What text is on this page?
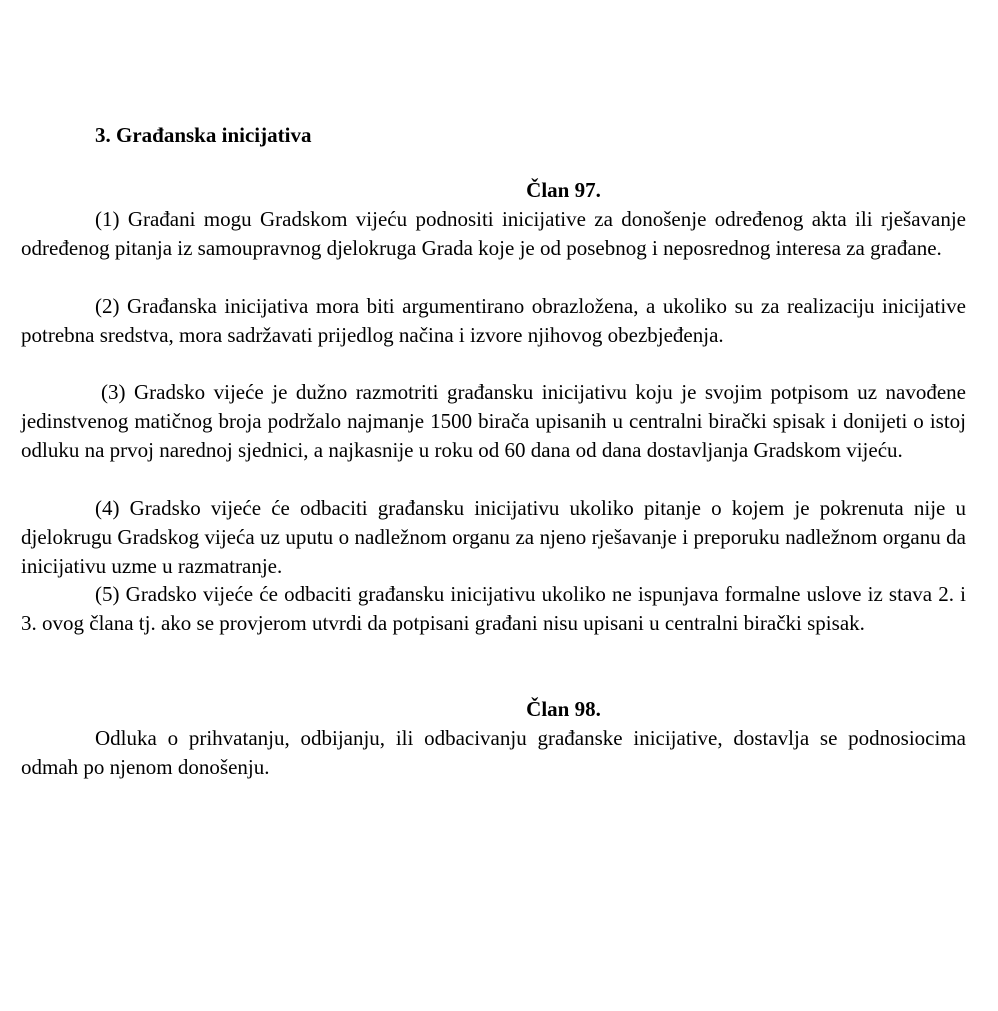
3. Građanska inicijativa
Član 97.

(1) Građani mogu Gradskom vijeću podnositi inicijative za donošenje određenog akta ili rješavanje određenog pitanja iz samoupravnog djelokruga Grada koje je od posebnog i neposrednog interesa za građane.

(2) Građanska inicijativa mora biti argumentirano obrazložena, a ukoliko su za realizaciju inicijative potrebna sredstva, mora sadržavati prijedlog načina i izvore njihovog obezbjeđenja.

(3) Gradsko vijeće je dužno razmotriti građansku inicijativu koju je svojim potpisom uz navođene jedinstvenog matičnog broja podržalo najmanje 1500 birača upisanih u centralni birački spisak i donijeti o istoj odluku na prvoj narednoj sjednici, a najkasnije u roku od 60 dana od dana dostavljanja Gradskom vijeću.

(4) Gradsko vijeće će odbaciti građansku inicijativu ukoliko pitanje o kojem je pokrenuta nije u djelokrugu Gradskog vijeća uz uputu o nadležnom organu za njeno rješavanje i preporuku nadležnom organu da inicijativu uzme u razmatranje.

(5) Gradsko vijeće će odbaciti građansku inicijativu ukoliko ne ispunjava formalne uslove iz stava 2. i 3. ovog člana tj. ako se provjerom utvrdi da potpisani građani nisu upisani u centralni birački spisak.

Član 98.

Odluka o prihvatanju, odbijanju, ili odbacivanju građanske inicijative, dostavlja se podnosiocima odmah po njenom donošenju.
